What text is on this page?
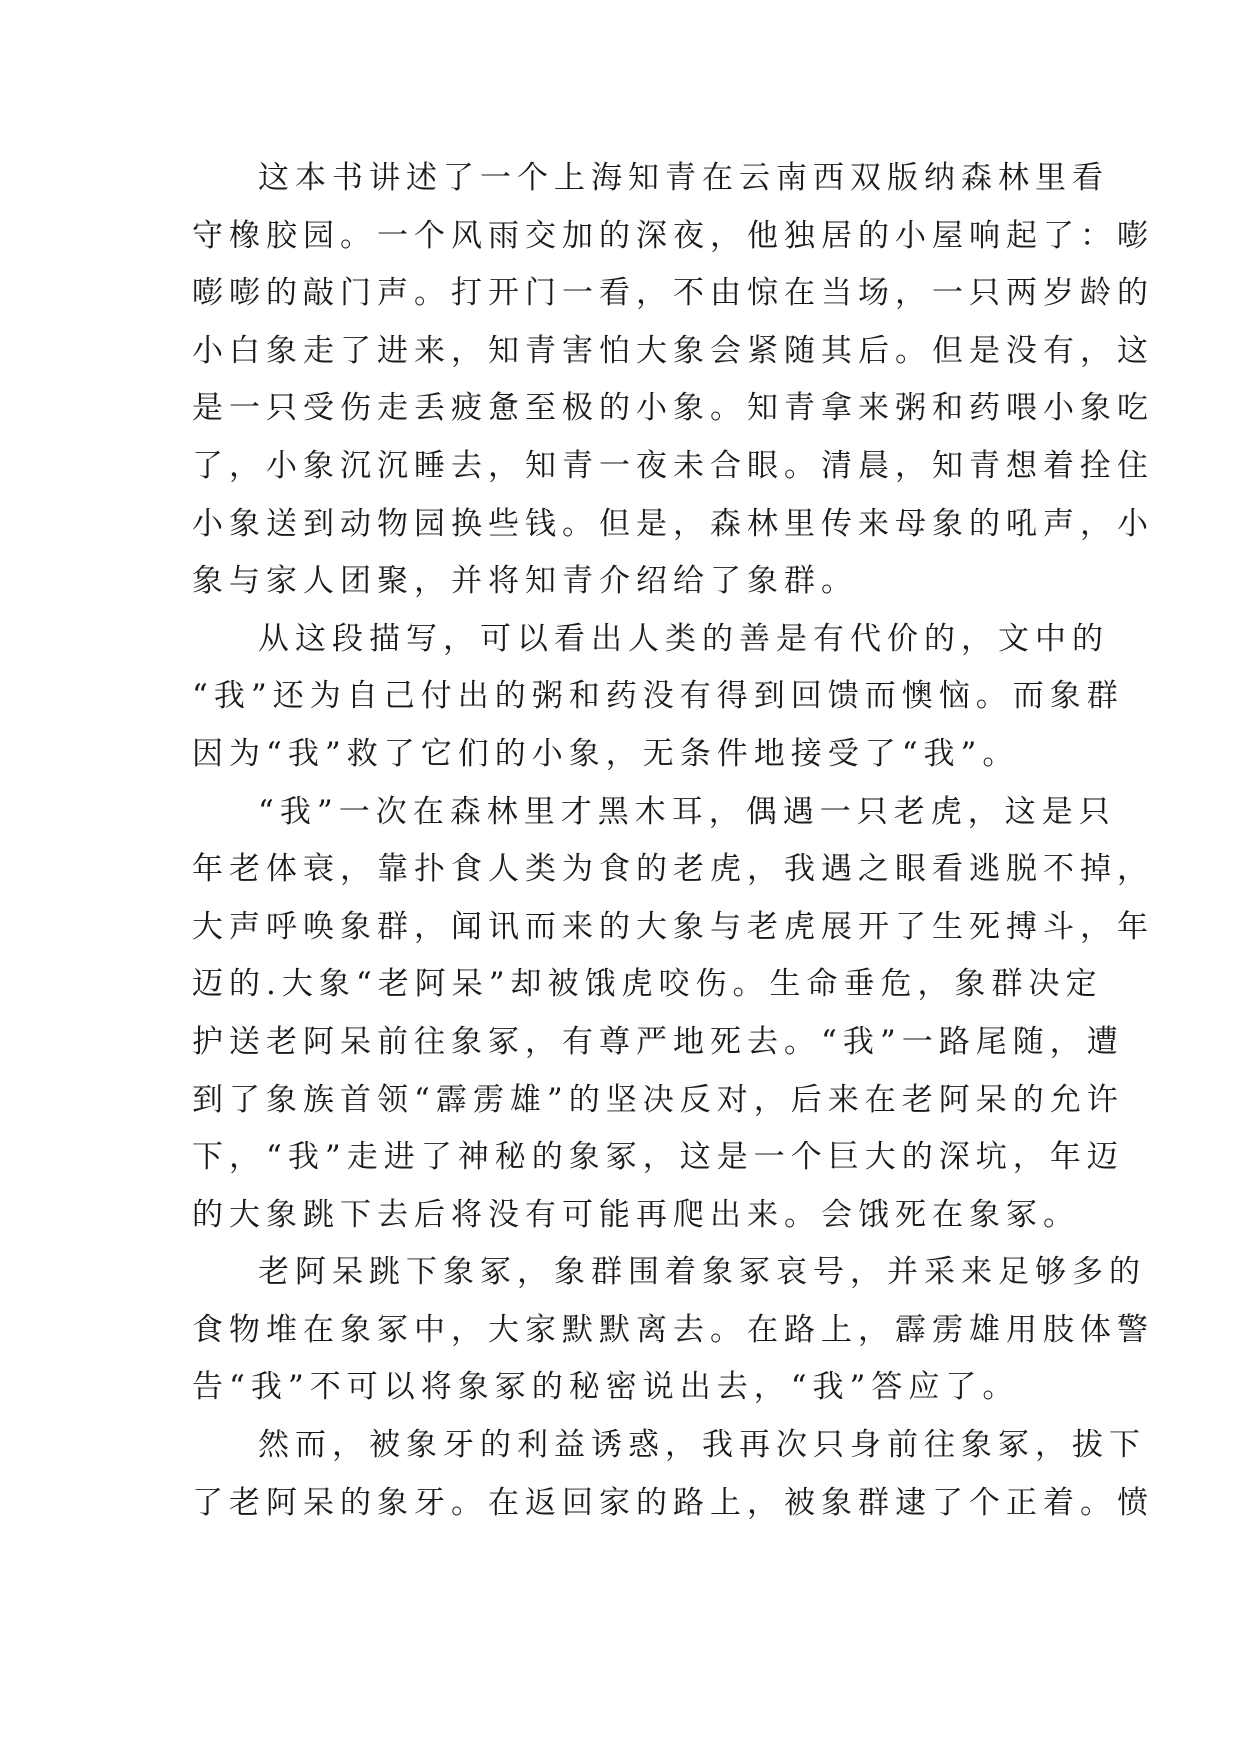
这本书讲述了一个上海知青在云南西双版纳森林里看
守橡胶园。一个风雨交加的深夜，他独居的小屋响起了：嘭
嘭嘭的敲门声。打开门一看，不由惊在当场，一只两岁龄的
小白象走了进来，知青害怕大象会紧随其后。但是没有，这
是一只受伤走丢疲惫至极的小象。知青拿来粥和药喂小象吃
了，小象沉沉睡去，知青一夜未合眼。清晨，知青想着拴住
小象送到动物园换些钱。但是，森林里传来母象的吼声，小
象与家人团聚，并将知青介绍给了象群。
从这段描写，可以看出人类的善是有代价的，文中的
“我”还为自己付出的粥和药没有得到回馈而懊恼。而象群
因为“我”救了它们的小象，无条件地接受了“我”。
“我”一次在森林里才黑木耳，偶遇一只老虎，这是只
年老体衰，靠扑食人类为食的老虎，我遇之眼看逃脱不掉，
大声呼唤象群，闻讯而来的大象与老虎展开了生死搏斗，年
迈的.大象“老阿呆”却被饿虎咬伤。生命垂危，象群决定
护送老阿呆前往象冢，有尊严地死去。“我”一路尾随，遭
到了象族首领“霹雳雄”的坚决反对，后来在老阿呆的允许
下，“我”走进了神秘的象冢，这是一个巨大的深坑，年迈
的大象跳下去后将没有可能再爬出来。会饿死在象冢。
老阿呆跳下象冢，象群围着象冢哀号，并采来足够多的
食物堆在象冢中，大家默默离去。在路上，霹雳雄用肢体警
告“我”不可以将象冢的秘密说出去，“我”答应了。
然而，被象牙的利益诱惑，我再次只身前往象冢，拔下
了老阿呆的象牙。在返回家的路上，被象群逮了个正着。愤
